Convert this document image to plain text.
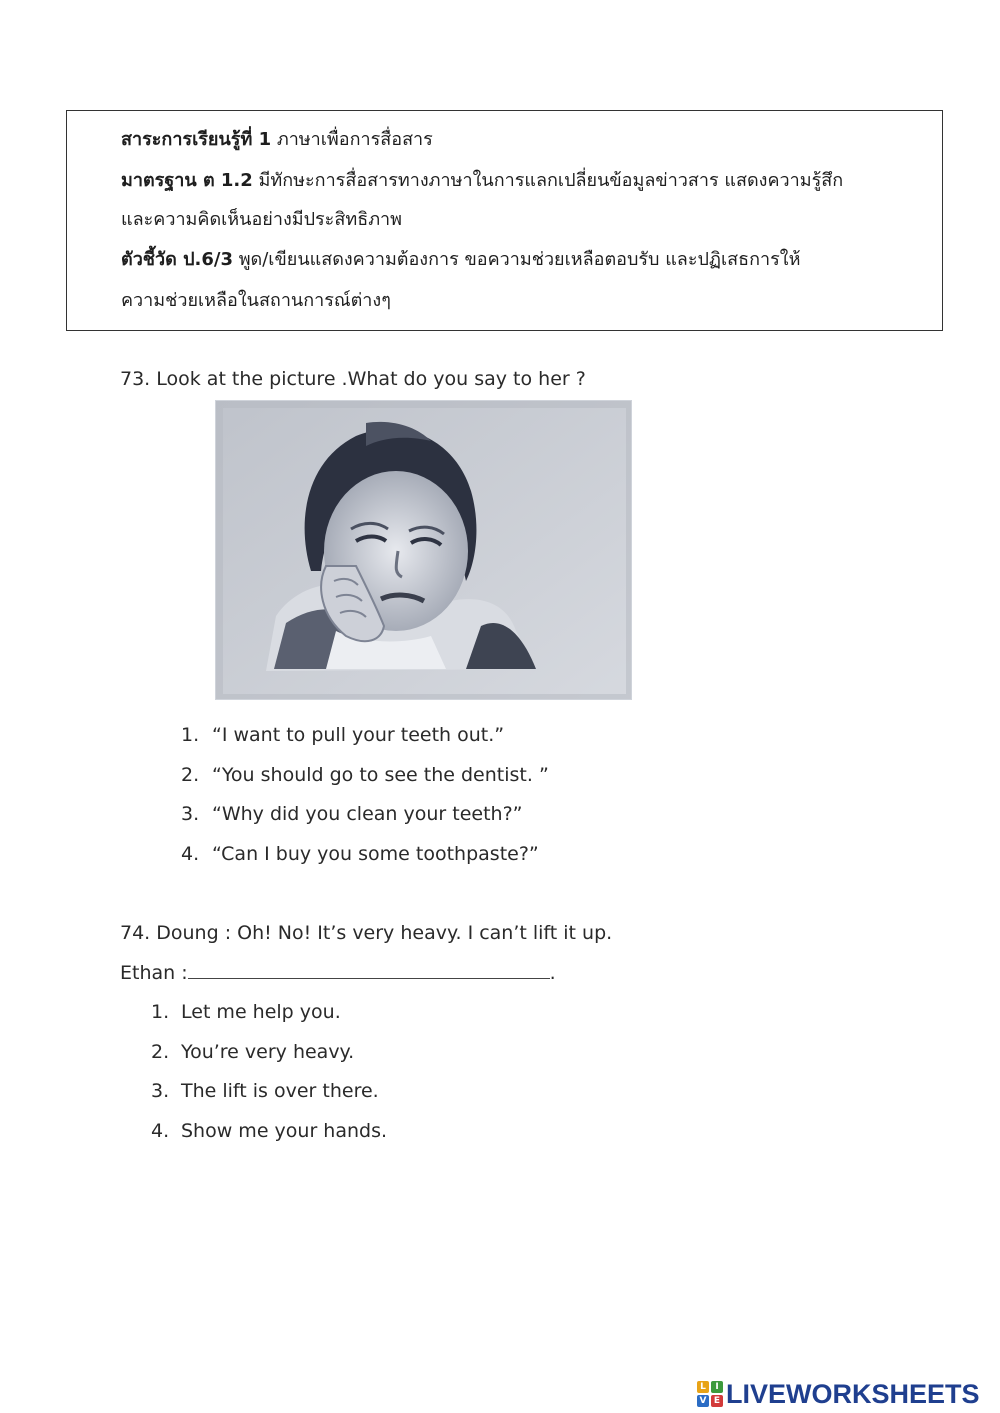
สาระการเรียนรู้ที่ 1 ภาษาเพื่อการสื่อสาร
มาตรฐาน ต 1.2 มีทักษะการสื่อสารทางภาษาในการแลกเปลี่ยนข้อมูลข่าวสาร แสดงความรู้สึก
และความคิดเห็นอย่างมีประสิทธิภาพ
ตัวชี้วัด ป.6/3 พูด/เขียนแสดงความต้องการ ขอความช่วยเหลือตอบรับ และปฏิเสธการให้
ความช่วยเหลือในสถานการณ์ต่างๆ
73. Look at the picture .What do you say to her ?
1. “I want to pull your teeth out.”
2. “You should go to see the dentist. ”
3. “Why did you clean your teeth?”
4. “Can I buy you some toothpaste?”
74. Doung : Oh! No! It’s very heavy. I can’t lift it up.
Ethan :	.
1. Let me help you.
2. You’re very heavy.
3. The lift is over there.
4. Show me your hands.
L	I
V E LIVEWORKSHEETS
